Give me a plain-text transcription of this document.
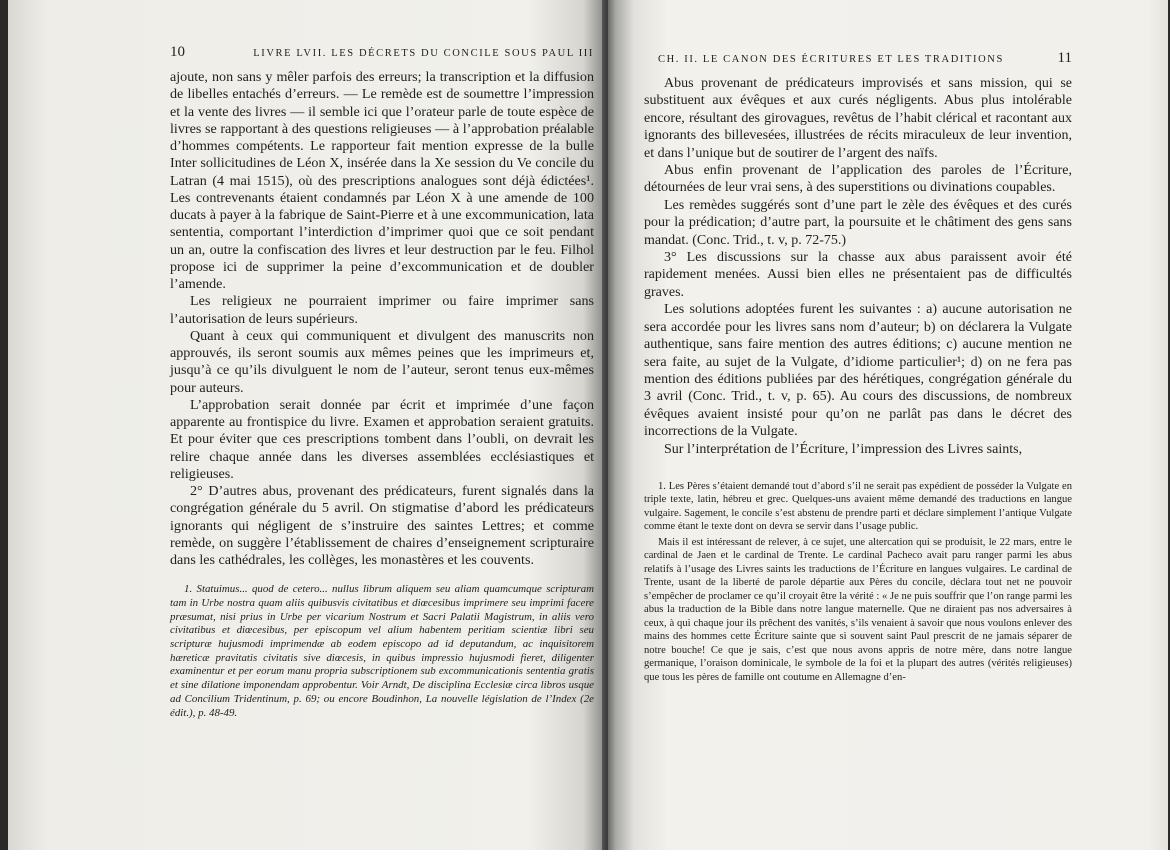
10	LIVRE LVII. LES DÉCRETS DU CONCILE SOUS PAUL III

ajoute, non sans y mêler parfois des erreurs; la transcription et la diffusion de libelles entachés d’erreurs. — Le remède est de soumettre l’impression et la vente des livres — il semble ici que l’orateur parle de toute espèce de livres se rapportant à des questions religieuses — à l’approbation préalable d’hommes compétents. Le rapporteur fait mention expresse de la bulle Inter sollicitudines de Léon X, insérée dans la Xe session du Ve concile du Latran (4 mai 1515), où des prescriptions analogues sont déjà édictées¹. Les contrevenants étaient condamnés par Léon X à une amende de 100 ducats à payer à la fabrique de Saint-Pierre et à une excommunication, lata sententia, comportant l’interdiction d’imprimer quoi que ce soit pendant un an, outre la confiscation des livres et leur destruction par le feu. Filhol propose ici de supprimer la peine d’excommunication et de doubler l’amende.

Les religieux ne pourraient imprimer ou faire imprimer sans l’autorisation de leurs supérieurs.

Quant à ceux qui communiquent et divulgent des manuscrits non approuvés, ils seront soumis aux mêmes peines que les imprimeurs et, jusqu’à ce qu’ils divulguent le nom de l’auteur, seront tenus eux-mêmes pour auteurs.

L’approbation serait donnée par écrit et imprimée d’une façon apparente au frontispice du livre. Examen et approbation seraient gratuits. Et pour éviter que ces prescriptions tombent dans l’oubli, on devrait les relire chaque année dans les diverses assemblées ecclésiastiques et religieuses.

2° D’autres abus, provenant des prédicateurs, furent signalés dans la congrégation générale du 5 avril. On stigmatise d’abord les prédicateurs ignorants qui négligent de s’instruire des saintes Lettres; et comme remède, on suggère l’établissement de chaires d’enseignement scripturaire dans les cathédrales, les collèges, les monastères et les couvents.

1. Statuimus... quod de cetero... nullus librum aliquem seu aliam quamcumque scripturam tam in Urbe nostra quam aliis quibusvis civitatibus et diœcesibus imprimere seu imprimi facere præsumat, nisi prius in Urbe per vicarium Nostrum et Sacri Palatii Magistrum, in aliis vero civitatibus et diœcesibus, per episcopum vel alium habentem peritiam scientiæ libri seu scripturæ hujusmodi imprimendæ ab eodem episcopo ad id deputandum, ac inquisitorem hæreticæ pravitatis civitatis sive diœcesis, in quibus impressio hujusmodi fieret, diligenter examinentur et per eorum manu propria subscriptionem sub excommunicationis sententia gratis et sine dilatione imponendam approbentur. Voir Arndt, De disciplina Ecclesiæ circa libros usque ad Concilium Tridentinum, p. 69; ou encore Boudinhon, La nouvelle législation de l’Index (2e édit.), p. 48-49.

CH. II. LE CANON DES ÉCRITURES ET LES TRADITIONS	11

Abus provenant de prédicateurs improvisés et sans mission, qui se substituent aux évêques et aux curés négligents. Abus plus intolérable encore, résultant des girovagues, revêtus de l’habit clérical et racontant aux ignorants des billevesées, illustrées de récits miraculeux de leur invention, et dans l’unique but de soutirer de l’argent des naïfs.

Abus enfin provenant de l’application des paroles de l’Écriture, détournées de leur vrai sens, à des superstitions ou divinations coupables.

Les remèdes suggérés sont d’une part le zèle des évêques et des curés pour la prédication; d’autre part, la poursuite et le châtiment des gens sans mandat. (Conc. Trid., t. v, p. 72-75.)

3° Les discussions sur la chasse aux abus paraissent avoir été rapidement menées. Aussi bien elles ne présentaient pas de difficultés graves.

Les solutions adoptées furent les suivantes : a) aucune autorisation ne sera accordée pour les livres sans nom d’auteur; b) on déclarera la Vulgate authentique, sans faire mention des autres éditions; c) aucune mention ne sera faite, au sujet de la Vulgate, d’idiome particulier¹; d) on ne fera pas mention des éditions publiées par des hérétiques, congrégation générale du 3 avril (Conc. Trid., t. v, p. 65). Au cours des discussions, de nombreux évêques avaient insisté pour qu’on ne parlât pas dans le décret des incorrections de la Vulgate.

Sur l’interprétation de l’Écriture, l’impression des Livres saints,

1. Les Pères s’étaient demandé tout d’abord s’il ne serait pas expédient de posséder la Vulgate en triple texte, latin, hébreu et grec. Quelques-uns avaient même demandé des traductions en langue vulgaire. Sagement, le concile s’est abstenu de prendre parti et déclare simplement l’antique Vulgate comme étant le texte dont on devra se servir dans l’usage public.

Mais il est intéressant de relever, à ce sujet, une altercation qui se produisit, le 22 mars, entre le cardinal de Jaen et le cardinal de Trente. Le cardinal Pacheco avait paru ranger parmi les abus relatifs à l’usage des Livres saints les traductions de l’Écriture en langues vulgaires. Le cardinal de Trente, usant de la liberté de parole départie aux Pères du concile, déclara tout net ne pouvoir s’empêcher de proclamer ce qu’il croyait être la vérité : « Je ne puis souffrir que l’on range parmi les abus la traduction de la Bible dans notre langue maternelle. Que ne diraient pas nos adversaires à ceux, à qui chaque jour ils prêchent des vanités, s’ils venaient à savoir que nous voulons enlever des mains des hommes cette Écriture sainte que si souvent saint Paul prescrit de ne jamais séparer de notre bouche! Ce que je sais, c’est que nous avons appris de notre mère, dans notre langue germanique, l’oraison dominicale, le symbole de la foi et la plupart des autres (vérités religieuses) que tous les pères de famille ont coutume en Allemagne d’en-
